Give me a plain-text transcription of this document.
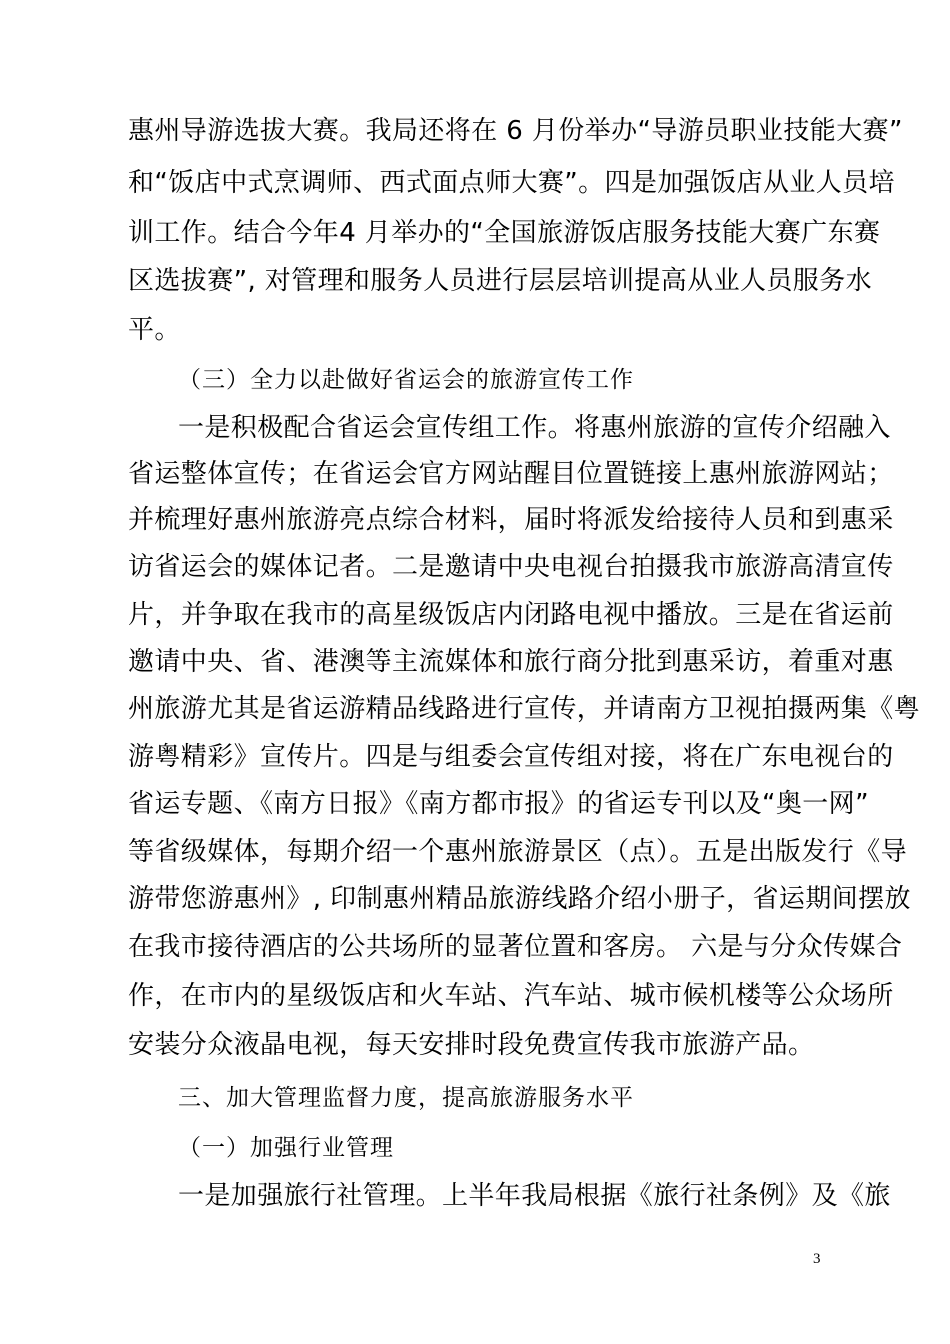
惠州导游选拔大赛。我局还将在 6 月份举办“导游员职业技能大赛”
和“饭店中式烹调师、西式面点师大赛”。四是加强饭店从业人员培
训工作。结合今年4 月举办的“全国旅游饭店服务技能大赛广东赛
区选拔赛”, 对管理和服务人员进行层层培训提高从业人员服务水
平。
（三）全力以赴做好省运会的旅游宣传工作
一是积极配合省运会宣传组工作。将惠州旅游的宣传介绍融入
省运整体宣传；在省运会官方网站醒目位置链接上惠州旅游网站；
并梳理好惠州旅游亮点综合材料，届时将派发给接待人员和到惠采
访省运会的媒体记者。二是邀请中央电视台拍摄我市旅游高清宣传
片，并争取在我市的高星级饭店内闭路电视中播放。三是在省运前
邀请中央、省、港澳等主流媒体和旅行商分批到惠采访，着重对惠
州旅游尤其是省运游精品线路进行宣传，并请南方卫视拍摄两集《粤
游粤精彩》宣传片。四是与组委会宣传组对接，将在广东电视台的
省运专题、《南方日报》《南方都市报》的省运专刊以及“奥一网”
等省级媒体，每期介绍一个惠州旅游景区（点）。五是出版发行《导
游带您游惠州》, 印制惠州精品旅游线路介绍小册子，省运期间摆放
在我市接待酒店的公共场所的显著位置和客房。 六是与分众传媒合
作，在市内的星级饭店和火车站、汽车站、城市候机楼等公众场所
安装分众液晶电视，每天安排时段免费宣传我市旅游产品。
三、加大管理监督力度，提高旅游服务水平
（一）加强行业管理
一是加强旅行社管理。上半年我局根据《旅行社条例》及《旅
3
